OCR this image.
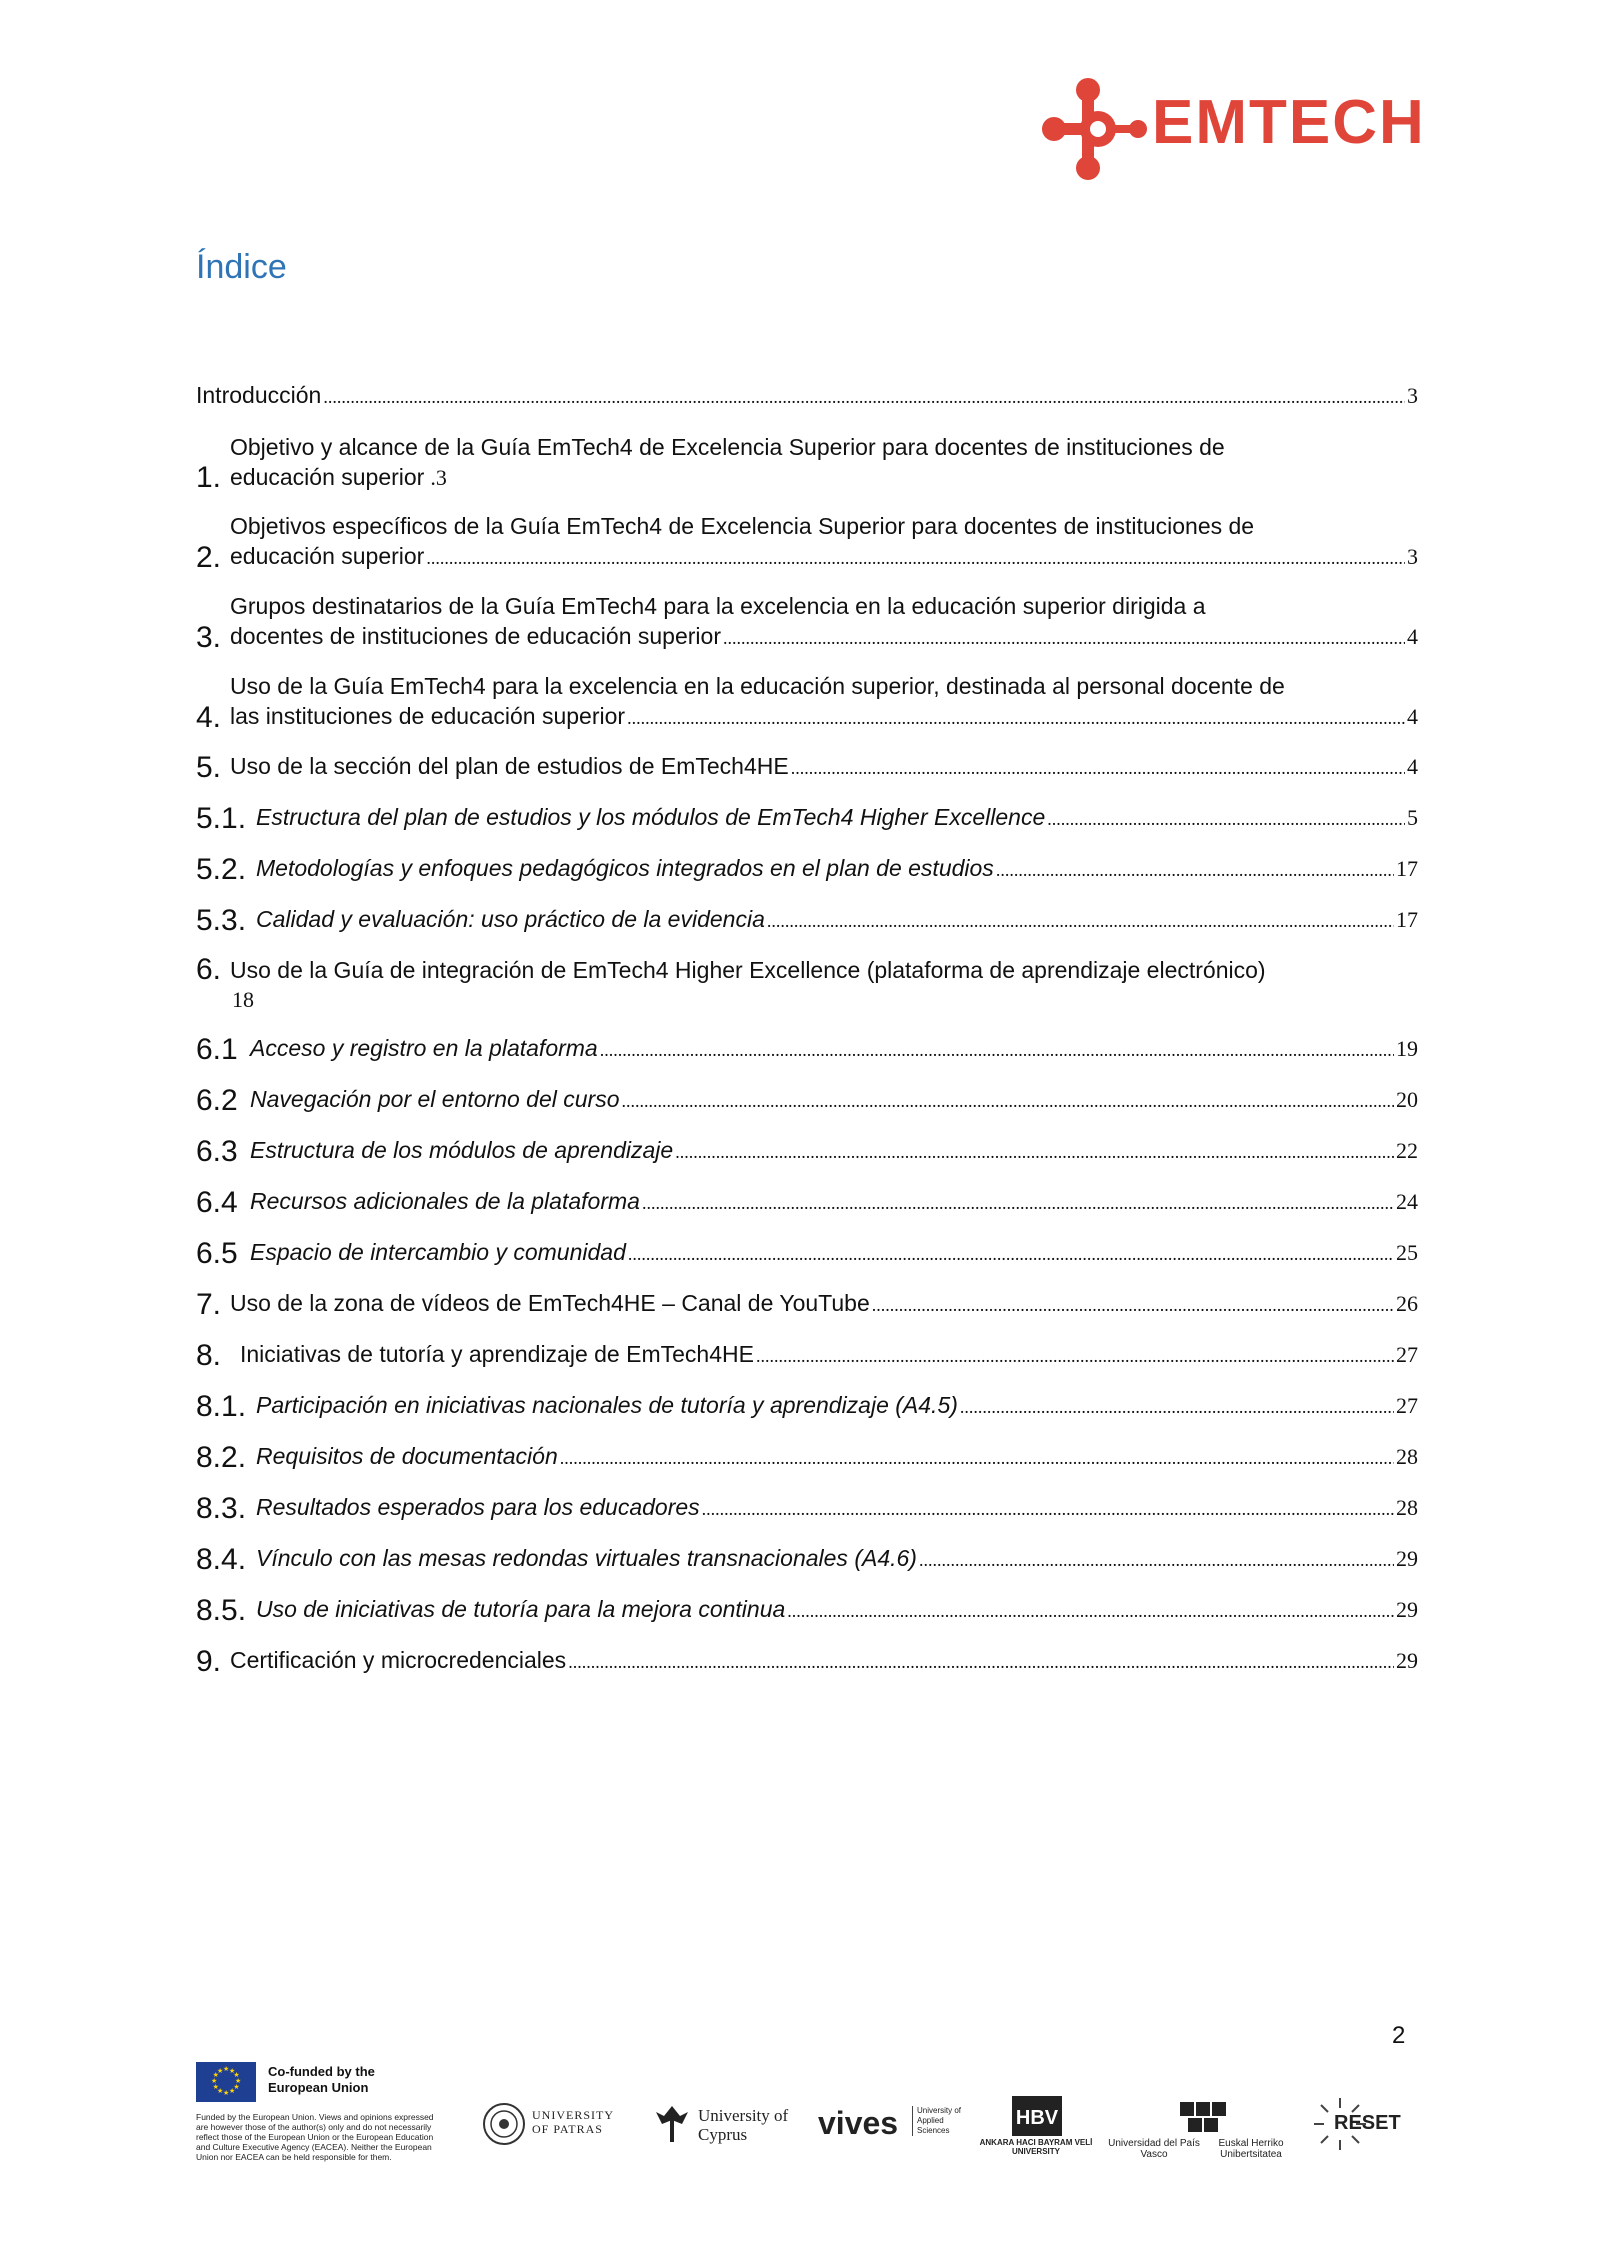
EMTECH
Índice
Introducción .....	3
1.
Objetivo y alcance de la Guía EmTech4 de Excelencia Superior para docentes de instituciones de
educación superior .3
2.
Objetivos específicos de la Guía EmTech4 de Excelencia Superior para docentes de instituciones de
educación superior .....	3
3.
Grupos destinatarios de la Guía EmTech4 para la excelencia en la educación superior dirigida a
docentes de instituciones de educación superior .....	4
4.
Uso de la Guía EmTech4 para la excelencia en la educación superior, destinada al personal docente de
las instituciones de educación superior .....	4
5. Uso de la sección del plan de estudios de EmTech4HE .....	4
5.1. Estructura del plan de estudios y los módulos de EmTech4 Higher Excellence .....	5
5.2. Metodologías y enfoques pedagógicos integrados en el plan de estudios .....	17
5.3. Calidad y evaluación: uso práctico de la evidencia .....	17
6. Uso de la Guía de integración de EmTech4 Higher Excellence (plataforma de aprendizaje electrónico)
18
6.1 Acceso y registro en la plataforma .....	19
6.2 Navegación por el entorno del curso .....	20
6.3 Estructura de los módulos de aprendizaje .....	22
6.4 Recursos adicionales de la plataforma .....	24
6.5 Espacio de intercambio y comunidad .....	25
7. Uso de la zona de vídeos de EmTech4HE – Canal de YouTube .....	26
8. Iniciativas de tutoría y aprendizaje de EmTech4HE .....	27
8.1. Participación en iniciativas nacionales de tutoría y aprendizaje (A4.5) .....	27
8.2. Requisitos de documentación .....	28
8.3. Resultados esperados para los educadores .....	28
8.4. Vínculo con las mesas redondas virtuales transnacionales (A4.6) .....	29
8.5. Uso de iniciativas de tutoría para la mejora continua .....	29
9. Certificación y microcredenciales .....	29
2
★
★
★
★
★
★
★
★
★ ★ ★
★ Co-funded by the European Union
Funded by the European Union. Views and opinions expressed are however those of the author(s) only and do not necessarily reflect those of the European Union or the European Education and Culture Executive Agency (EACEA). Neither the European Union nor EACEA can be held responsible for them.
UNIVERSITY OF PATRAS
University of Cyprus	vives	University of Applied Sciences
HBV
ANKARA HACI BAYRAM VELİ UNIVERSITY
Universidad del País Vasco
Euskal Herriko Unibertsitatea
RESET
